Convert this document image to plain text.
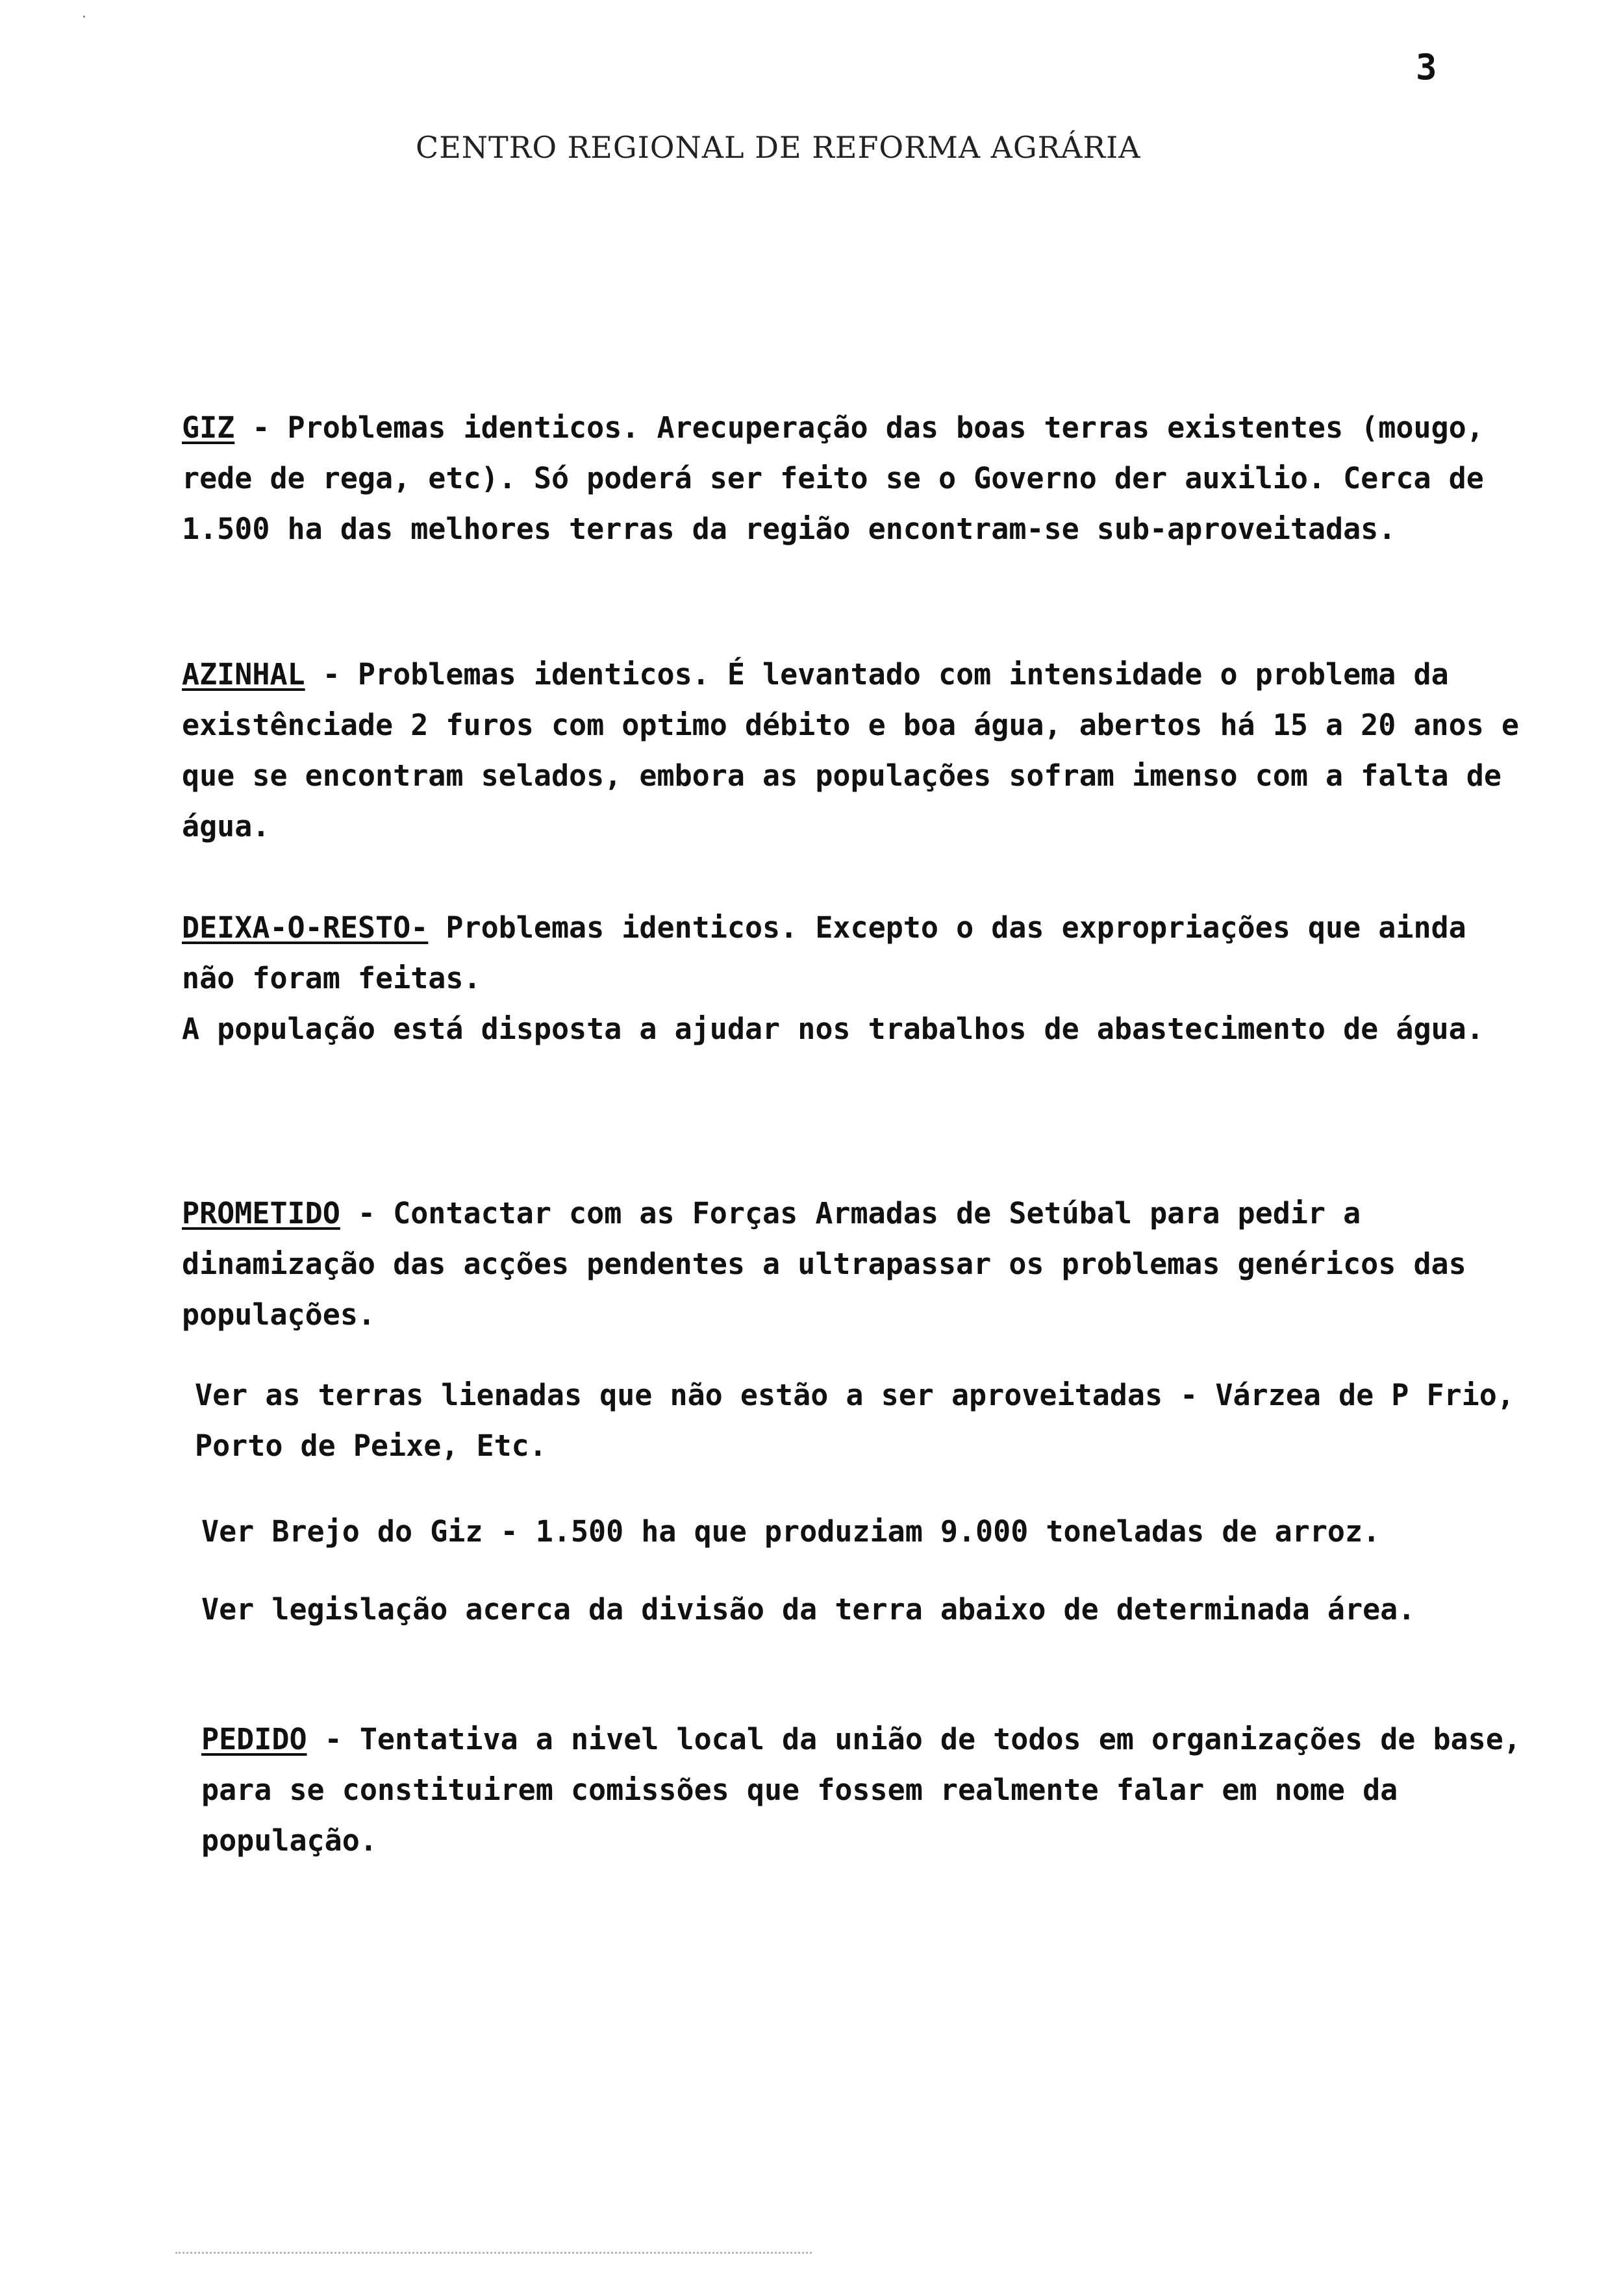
3
CENTRO REGIONAL DE REFORMA AGRÁRIA
GIZ - Problemas identicos. Arecuperação das boas terras existentes (mougo, rede de rega, etc). Só poderá ser feito se o Governo der auxilio. Cerca de 1.500 ha das melhores terras da região encontram-se sub-aproveitadas.
AZINHAL - Problemas identicos. É levantado com intensidade o problema da existênciade 2 furos com optimo débito e boa água, abertos há 15 a 20 anos e que se encontram selados, embora as populações sofram imenso com a falta de água.
DEIXA-O-RESTO- Problemas identicos. Excepto o das expropriações que ainda não foram feitas.
A população está disposta a ajudar nos trabalhos de abastecimento de água.
PROMETIDO - Contactar com as Forças Armadas de Setúbal para pedir a dinamização das acções pendentes a ultrapassar os problemas genéricos das populações.
Ver as terras lienadas que não estão a ser aproveitadas - Várzea de P Frio, Porto de Peixe, Etc.
Ver Brejo do Giz - 1.500 ha que produziam 9.000 toneladas de arroz.
Ver legislação acerca da divisão da terra abaixo de determinada área.
PEDIDO - Tentativa a nivel local da união de todos em organizações de base, para se constituirem comissões que fossem realmente falar em nome da população.
